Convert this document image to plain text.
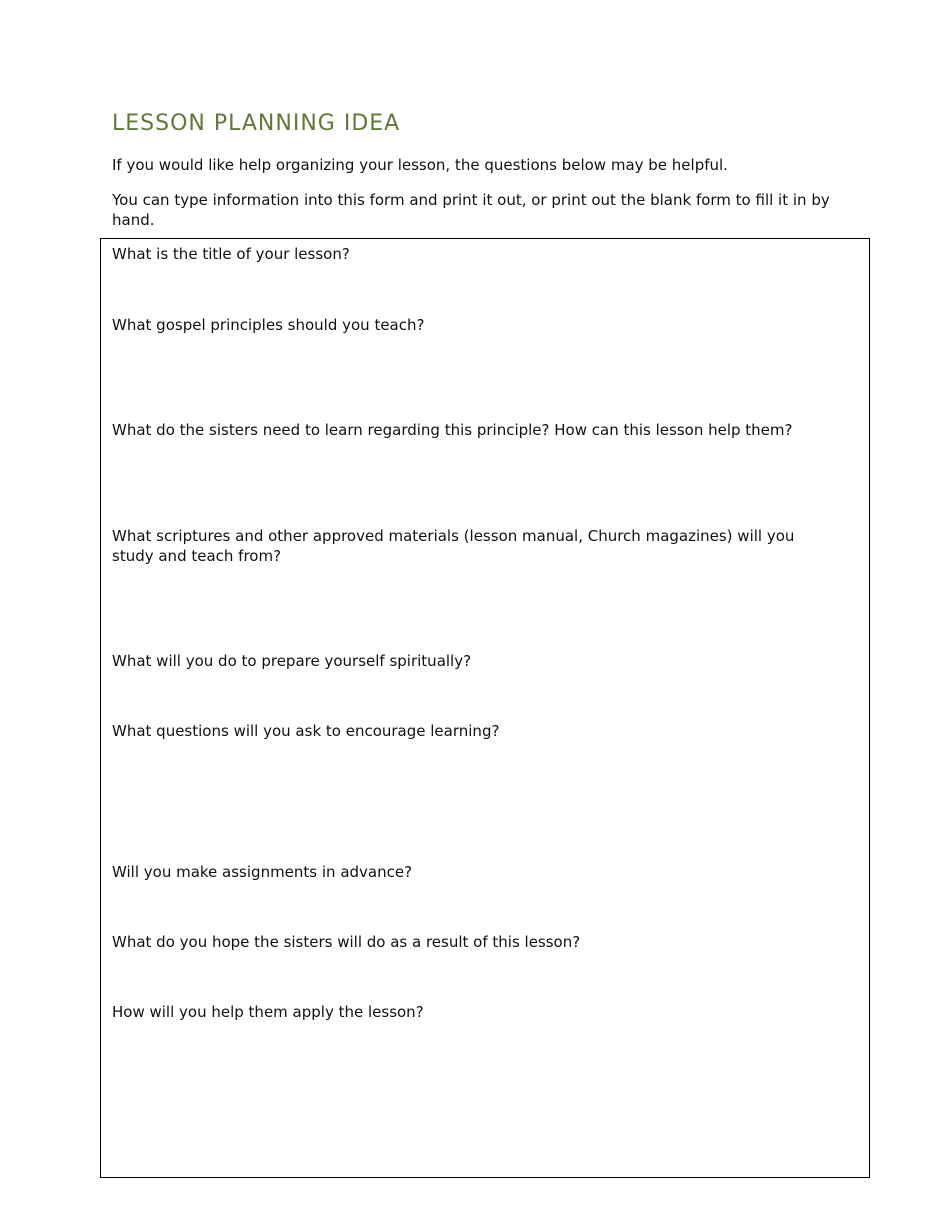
LESSON PLANNING IDEA

If you would like help organizing your lesson, the questions below may be helpful.

You can type information into this form and print it out, or print out the blank form to fill it in by hand.

What is the title of your lesson?

What gospel principles should you teach?

What do the sisters need to learn regarding this principle? How can this lesson help them?

What scriptures and other approved materials (lesson manual, Church magazines) will you study and teach from?

What will you do to prepare yourself spiritually?

What questions will you ask to encourage learning?

Will you make assignments in advance?

What do you hope the sisters will do as a result of this lesson?

How will you help them apply the lesson?
